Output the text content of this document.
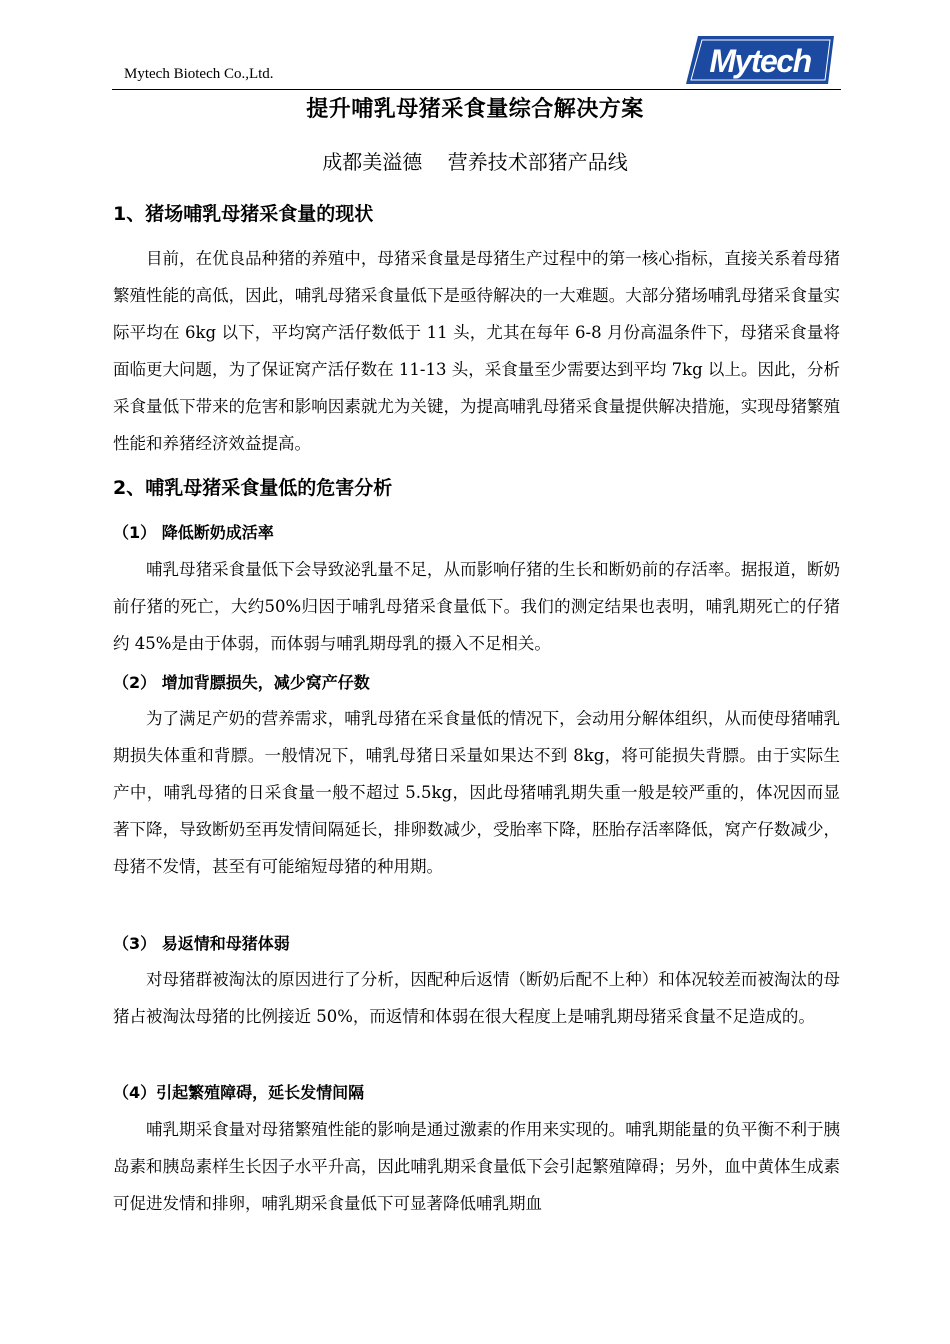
Mytech Biotech Co.,Ltd.	Mytech
提升哺乳母猪采食量综合解决方案
成都美溢德    营养技术部猪产品线
1、猪场哺乳母猪采食量的现状

目前，在优良品种猪的养殖中，母猪采食量是母猪生产过程中的第一核心指标，直接关系着母猪繁殖性能的高低，因此，哺乳母猪采食量低下是亟待解决的一大难题。大部分猪场哺乳母猪采食量实际平均在 6kg 以下，平均窝产活仔数低于 11 头，尤其在每年 6-8 月份高温条件下，母猪采食量将面临更大问题，为了保证窝产活仔数在 11-13 头，采食量至少需要达到平均 7kg 以上。因此，分析采食量低下带来的危害和影响因素就尤为关键，为提高哺乳母猪采食量提供解决措施，实现母猪繁殖性能和养猪经济效益提高。

2、哺乳母猪采食量低的危害分析
（1） 降低断奶成活率

哺乳母猪采食量低下会导致泌乳量不足，从而影响仔猪的生长和断奶前的存活率。据报道，断奶前仔猪的死亡，大约50%归因于哺乳母猪采食量低下。我们的测定结果也表明，哺乳期死亡的仔猪约 45%是由于体弱，而体弱与哺乳期母乳的摄入不足相关。

（2） 增加背膘损失，减少窝产仔数

为了满足产奶的营养需求，哺乳母猪在采食量低的情况下，会动用分解体组织，从而使母猪哺乳期损失体重和背膘。一般情况下，哺乳母猪日采量如果达不到 8kg，将可能损失背膘。由于实际生产中，哺乳母猪的日采食量一般不超过 5.5kg，因此母猪哺乳期失重一般是较严重的，体况因而显著下降，导致断奶至再发情间隔延长，排卵数减少，受胎率下降，胚胎存活率降低，窝产仔数减少，母猪不发情，甚至有可能缩短母猪的种用期。

（3） 易返情和母猪体弱

对母猪群被淘汰的原因进行了分析，因配种后返情（断奶后配不上种）和体况较差而被淘汰的母猪占被淘汰母猪的比例接近 50%，而返情和体弱在很大程度上是哺乳期母猪采食量不足造成的。

（4）引起繁殖障碍，延长发情间隔

哺乳期采食量对母猪繁殖性能的影响是通过激素的作用来实现的。哺乳期能量的负平衡不利于胰岛素和胰岛素样生长因子水平升高，因此哺乳期采食量低下会引起繁殖障碍；另外，血中黄体生成素可促进发情和排卵，哺乳期采食量低下可显著降低哺乳期血
